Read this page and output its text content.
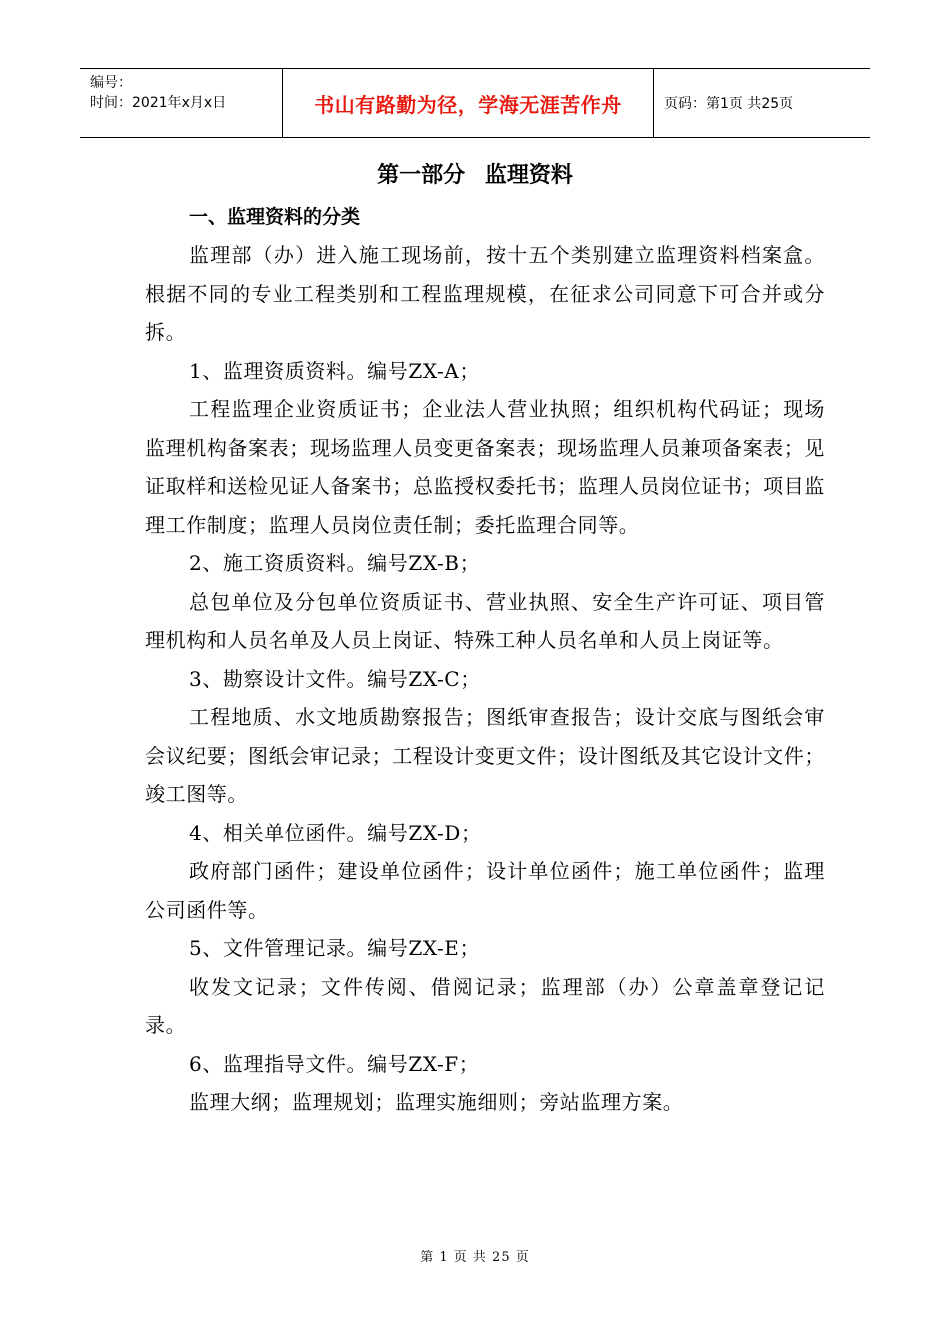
编号：
时间：2021年x月x日	书山有路勤为径，学海无涯苦作舟	页码：第1页 共25页
第一部分 监理资料
一、监理资料的分类

监理部（办）进入施工现场前，按十五个类别建立监理资料档案盒。根据不同的专业工程类别和工程监理规模，在征求公司同意下可合并或分拆。

1、监理资质资料。编号ZX-A；

工程监理企业资质证书；企业法人营业执照；组织机构代码证；现场监理机构备案表；现场监理人员变更备案表；现场监理人员兼项备案表；见证取样和送检见证人备案书；总监授权委托书；监理人员岗位证书；项目监理工作制度；监理人员岗位责任制；委托监理合同等。

2、施工资质资料。编号ZX-B；

总包单位及分包单位资质证书、营业执照、安全生产许可证、项目管理机构和人员名单及人员上岗证、特殊工种人员名单和人员上岗证等。

3、勘察设计文件。编号ZX-C；

工程地质、水文地质勘察报告；图纸审查报告；设计交底与图纸会审会议纪要；图纸会审记录；工程设计变更文件；设计图纸及其它设计文件；竣工图等。

4、相关单位函件。编号ZX-D；

政府部门函件；建设单位函件；设计单位函件；施工单位函件；监理公司函件等。

5、文件管理记录。编号ZX-E；

收发文记录；文件传阅、借阅记录；监理部（办）公章盖章登记记录。

6、监理指导文件。编号ZX-F；

监理大纲；监理规划；监理实施细则；旁站监理方案。

第 1 页 共 25 页
